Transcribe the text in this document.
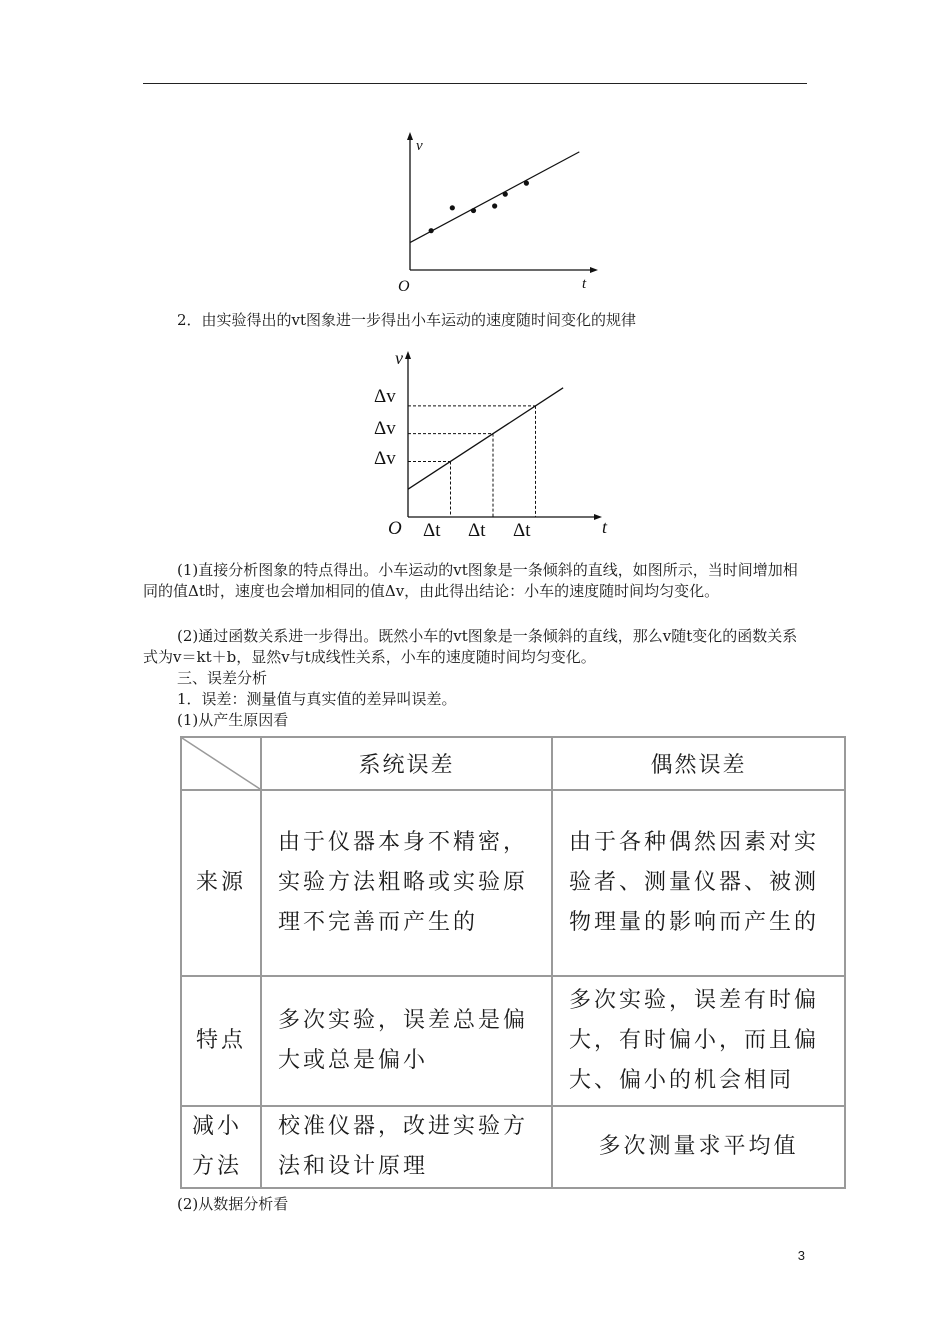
v
t
O
2．由实验得出的vt图象进一步得出小车运动的速度随时间变化的规律
v
t
O
Δv
Δv
Δv
Δt Δt Δt
(1)直接分析图象的特点得出。小车运动的vt图象是一条倾斜的直线，如图所示，当时间增加相同的值Δt时，速度也会增加相同的值Δv，由此得出结论：小车的速度随时间均匀变化。
(2)通过函数关系进一步得出。既然小车的vt图象是一条倾斜的直线，那么v随t变化的函数关系式为v＝kt＋b，显然v与t成线性关系，小车的速度随时间均匀变化。
三、误差分析
1．误差：测量值与真实值的差异叫误差。
(1)从产生原因看
	系统误差	偶然误差
来源	由于仪器本身不精密，实验方法粗略或实验原理不完善而产生的	由于各种偶然因素对实验者、测量仪器、被测物理量的影响而产生的
特点	多次实验，误差总是偏大或总是偏小	多次实验，误差有时偏大，有时偏小，而且偏大、偏小的机会相同
减小方法	校准仪器，改进实验方法和设计原理	多次测量求平均值
(2)从数据分析看
3
